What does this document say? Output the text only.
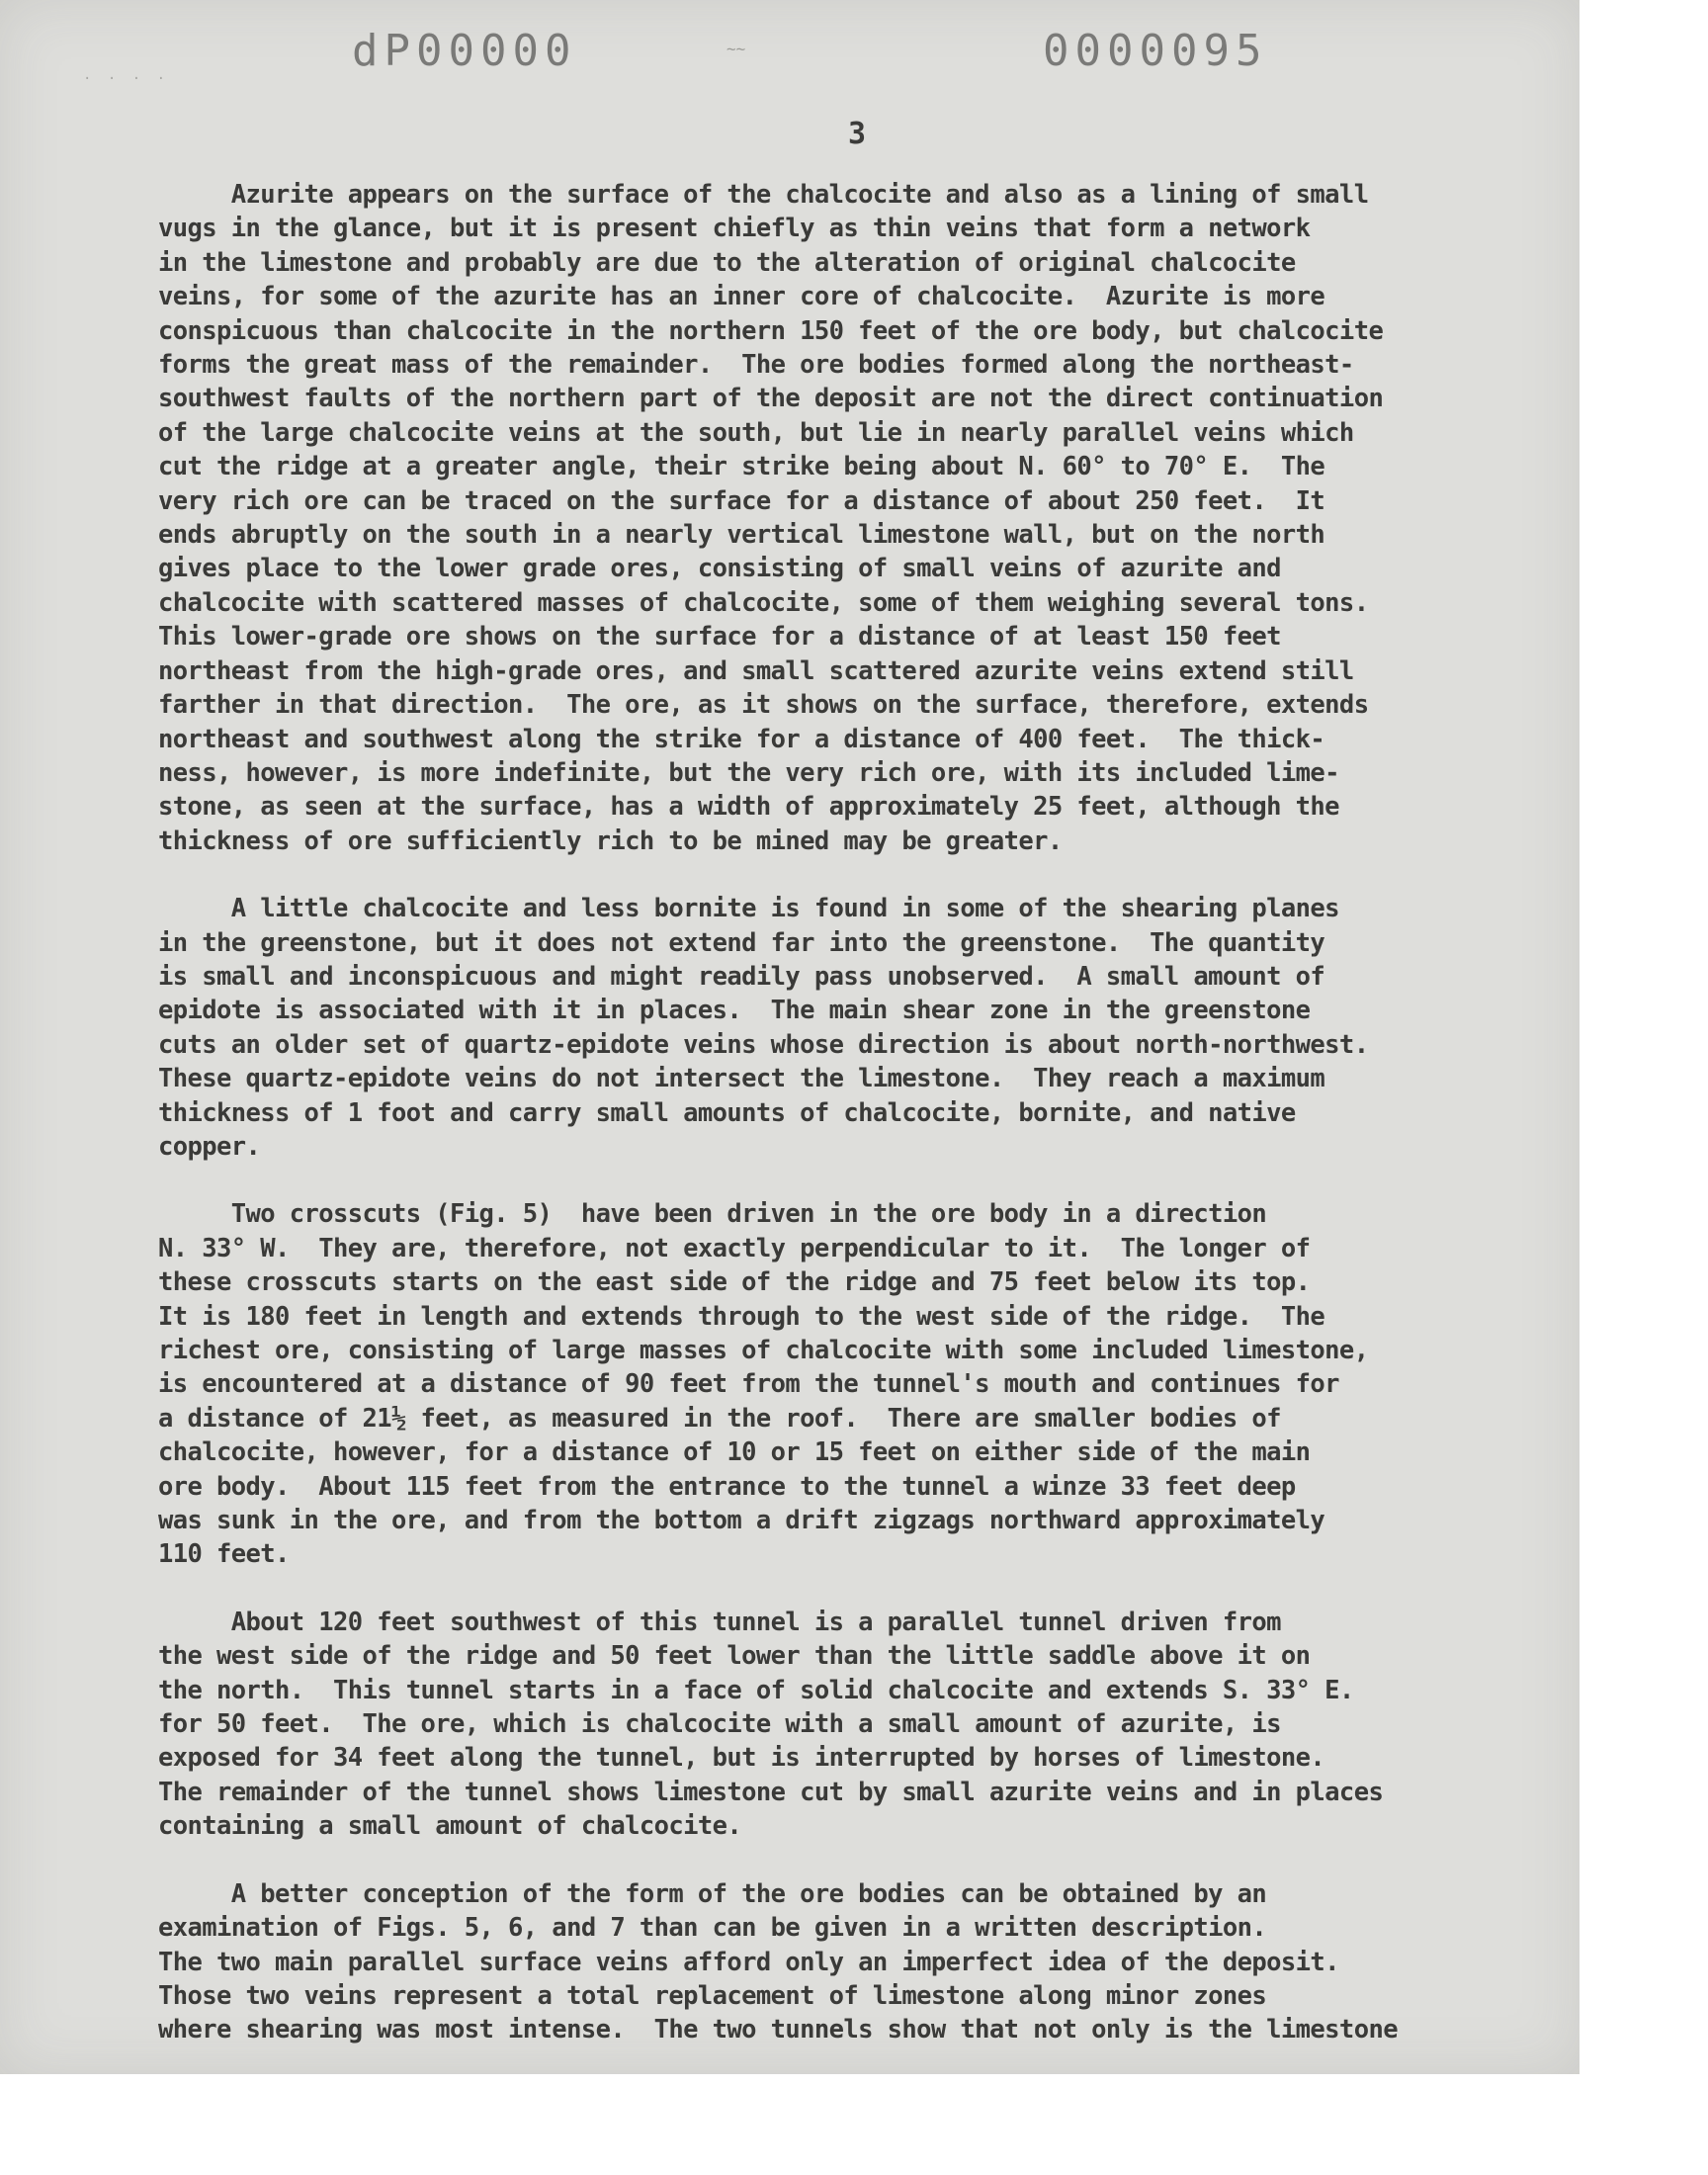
dP00000	~~	0000095
· · · ·
3
Azurite appears on the surface of the chalcocite and also as a lining of small
vugs in the glance, but it is present chiefly as thin veins that form a network
in the limestone and probably are due to the alteration of original chalcocite
veins, for some of the azurite has an inner core of chalcocite.  Azurite is more
conspicuous than chalcocite in the northern 150 feet of the ore body, but chalcocite
forms the great mass of the remainder.  The ore bodies formed along the northeast-
southwest faults of the northern part of the deposit are not the direct continuation
of the large chalcocite veins at the south, but lie in nearly parallel veins which
cut the ridge at a greater angle, their strike being about N. 60° to 70° E.  The
very rich ore can be traced on the surface for a distance of about 250 feet.  It
ends abruptly on the south in a nearly vertical limestone wall, but on the north
gives place to the lower grade ores, consisting of small veins of azurite and
chalcocite with scattered masses of chalcocite, some of them weighing several tons.
This lower-grade ore shows on the surface for a distance of at least 150 feet
northeast from the high-grade ores, and small scattered azurite veins extend still
farther in that direction.  The ore, as it shows on the surface, therefore, extends
northeast and southwest along the strike for a distance of 400 feet.  The thick-
ness, however, is more indefinite, but the very rich ore, with its included lime-
stone, as seen at the surface, has a width of approximately 25 feet, although the
thickness of ore sufficiently rich to be mined may be greater.
A little chalcocite and less bornite is found in some of the shearing planes
in the greenstone, but it does not extend far into the greenstone.  The quantity
is small and inconspicuous and might readily pass unobserved.  A small amount of
epidote is associated with it in places.  The main shear zone in the greenstone
cuts an older set of quartz-epidote veins whose direction is about north-northwest.
These quartz-epidote veins do not intersect the limestone.  They reach a maximum
thickness of 1 foot and carry small amounts of chalcocite, bornite, and native
copper.
Two crosscuts (Fig. 5)  have been driven in the ore body in a direction
N. 33° W.  They are, therefore, not exactly perpendicular to it.  The longer of
these crosscuts starts on the east side of the ridge and 75 feet below its top.
It is 180 feet in length and extends through to the west side of the ridge.  The
richest ore, consisting of large masses of chalcocite with some included limestone,
is encountered at a distance of 90 feet from the tunnel's mouth and continues for
a distance of 21½ feet, as measured in the roof.  There are smaller bodies of
chalcocite, however, for a distance of 10 or 15 feet on either side of the main
ore body.  About 115 feet from the entrance to the tunnel a winze 33 feet deep
was sunk in the ore, and from the bottom a drift zigzags northward approximately
110 feet.
About 120 feet southwest of this tunnel is a parallel tunnel driven from
the west side of the ridge and 50 feet lower than the little saddle above it on
the north.  This tunnel starts in a face of solid chalcocite and extends S. 33° E.
for 50 feet.  The ore, which is chalcocite with a small amount of azurite, is
exposed for 34 feet along the tunnel, but is interrupted by horses of limestone.
The remainder of the tunnel shows limestone cut by small azurite veins and in places
containing a small amount of chalcocite.
A better conception of the form of the ore bodies can be obtained by an
examination of Figs. 5, 6, and 7 than can be given in a written description.
The two main parallel surface veins afford only an imperfect idea of the deposit.
Those two veins represent a total replacement of limestone along minor zones
where shearing was most intense.  The two tunnels show that not only is the limestone
